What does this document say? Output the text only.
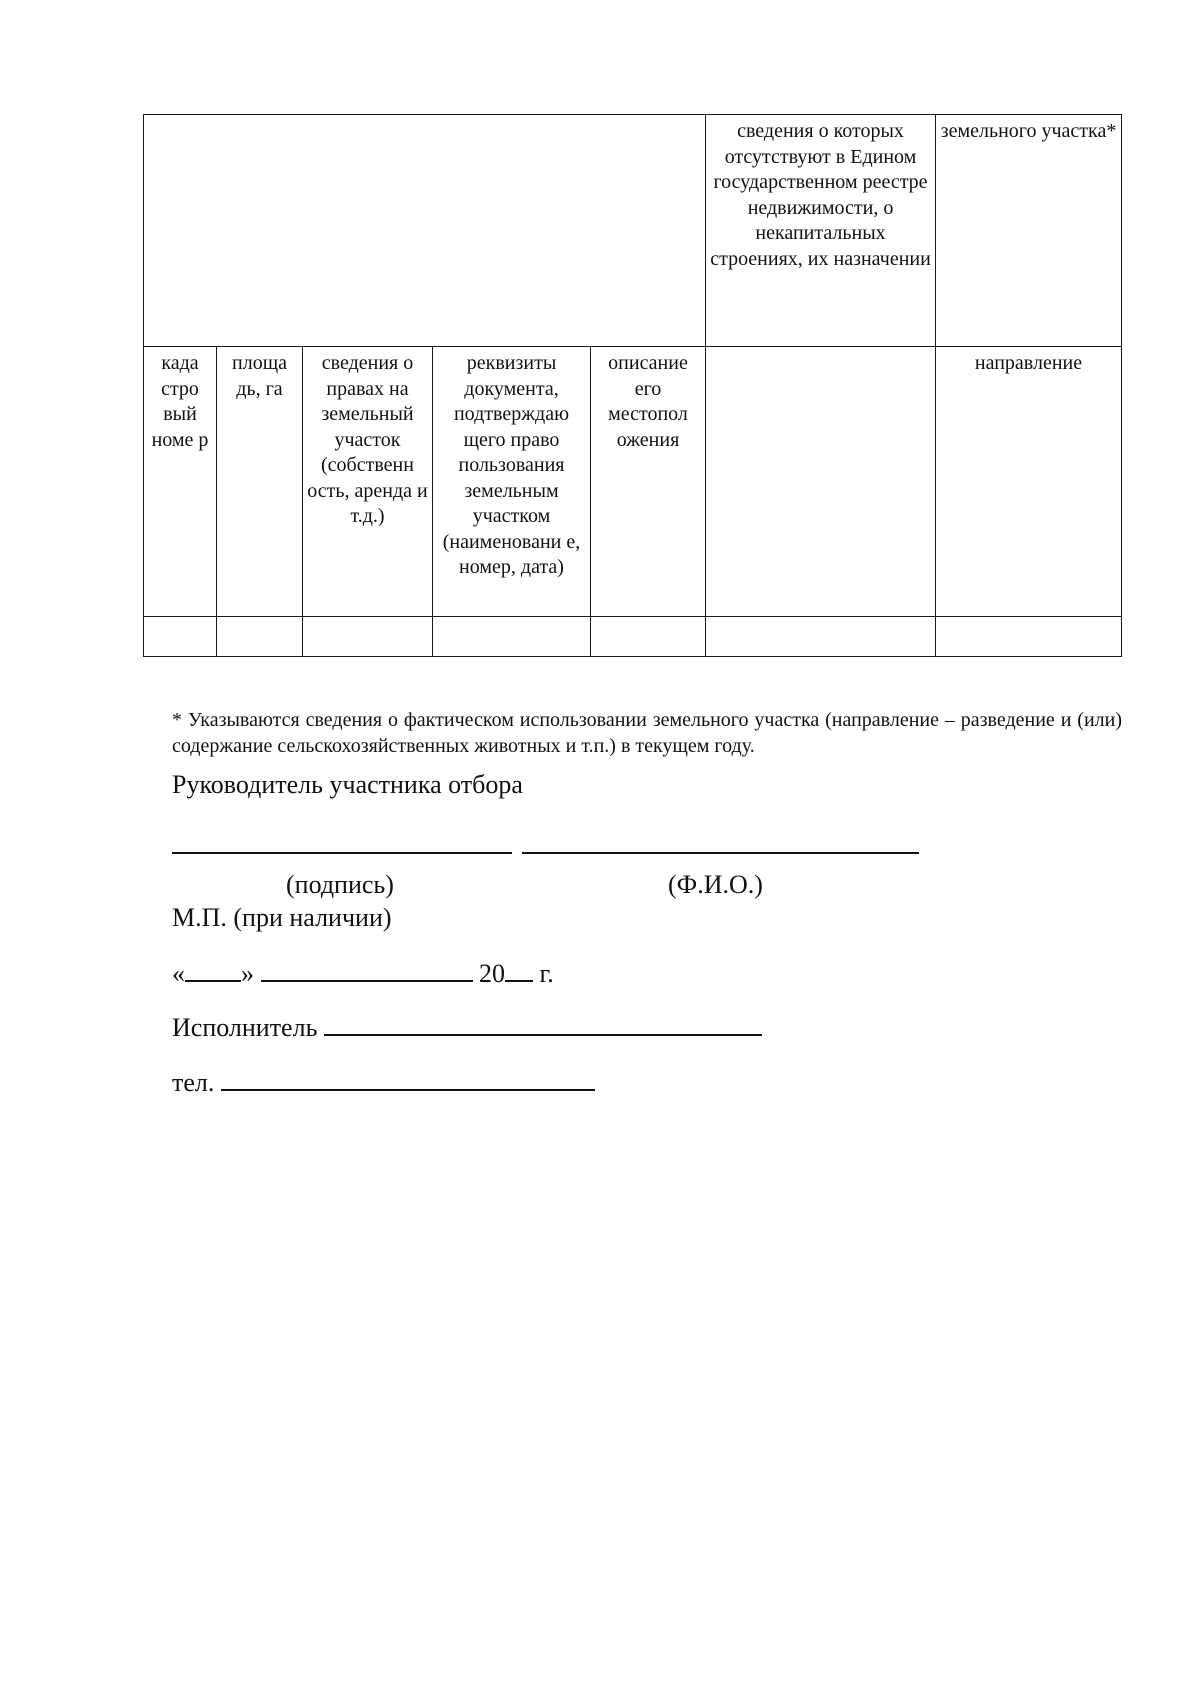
					сведения о которых отсутствуют в Едином государственном реестре недвижимости, о некапитальных строениях, их назначении	земельного участка*
када стро вый номе р	площа дь, га	сведения о правах на земельный участок (собственн ость, аренда и т.д.)	реквизиты документа, подтверждаю щего право пользования земельным участком (наименовани е, номер, дата)	описание его местопол ожения		направление

* Указываются сведения о фактическом использовании земельного участка (направление – разведение и (или) содержание сельскохозяйственных животных и т.п.) в текущем году.
Руководитель участника отбора
(подпись)	(Ф.И.О.)
М.П. (при наличии)
« »	20 г.
Исполнитель
тел.
